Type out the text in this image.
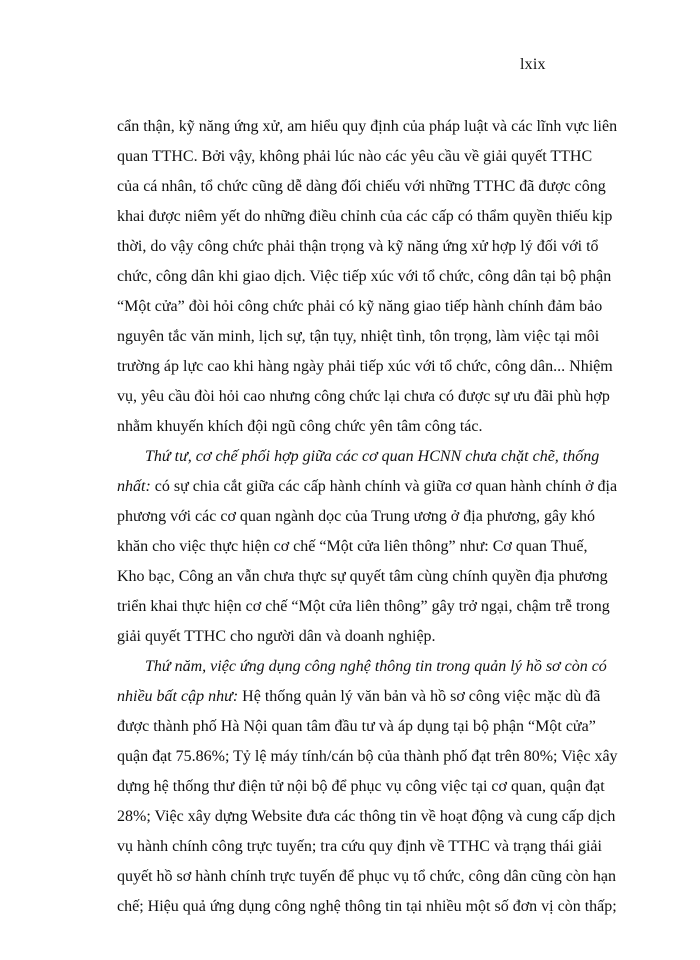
lxix
cẩn thận, kỹ năng ứng xử, am hiểu quy định của pháp luật và các lĩnh vực liên
quan TTHC. Bởi vậy, không phải lúc nào các yêu cầu về giải quyết TTHC
của cá nhân, tổ chức cũng dễ dàng đối chiếu với những TTHC đã được công
khai được niêm yết do những điều chỉnh của các cấp có thẩm quyền thiếu kịp
thời, do vậy công chức phải thận trọng và kỹ năng ứng xử hợp lý đối với tổ
chức, công dân khi giao dịch. Việc tiếp xúc với tổ chức, công dân tại bộ phận
“Một cửa” đòi hỏi công chức phải có kỹ năng giao tiếp hành chính đảm bảo
nguyên tắc văn minh, lịch sự, tận tụy, nhiệt tình, tôn trọng, làm việc tại môi
trường áp lực cao khi hàng ngày phải tiếp xúc với tổ chức, công dân... Nhiệm
vụ, yêu cầu đòi hỏi cao nhưng công chức lại chưa có được sự ưu đãi phù hợp
nhằm khuyến khích đội ngũ công chức yên tâm công tác.
Thứ tư, cơ chế phối hợp giữa các cơ quan HCNN chưa chặt chẽ, thống
nhất: có sự chia cắt giữa các cấp hành chính và giữa cơ quan hành chính ở địa
phương với các cơ quan ngành dọc của Trung ương ở địa phương, gây khó
khăn cho việc thực hiện cơ chế “Một cửa liên thông” như: Cơ quan Thuế,
Kho bạc, Công an vẫn chưa thực sự quyết tâm cùng chính quyền địa phương
triển khai thực hiện cơ chế “Một cửa liên thông” gây trở ngại, chậm trễ trong
giải quyết TTHC cho người dân và doanh nghiệp.
Thứ năm, việc ứng dụng công nghệ thông tin trong quản lý hồ sơ còn có
nhiều bất cập như: Hệ thống quản lý văn bản và hồ sơ công việc mặc dù đã
được thành phố Hà Nội quan tâm đầu tư và áp dụng tại bộ phận “Một cửa”
quận đạt 75.86%; Tỷ lệ máy tính/cán bộ của thành phố đạt trên 80%; Việc xây
dựng hệ thống thư điện tử nội bộ để phục vụ công việc tại cơ quan, quận đạt
28%; Việc xây dựng Website đưa các thông tin về hoạt động và cung cấp dịch
vụ hành chính công trực tuyến; tra cứu quy định về TTHC và trạng thái giải
quyết hồ sơ hành chính trực tuyến để phục vụ tổ chức, công dân cũng còn hạn
chế; Hiệu quả ứng dụng công nghệ thông tin tại nhiều một số đơn vị còn thấp;
